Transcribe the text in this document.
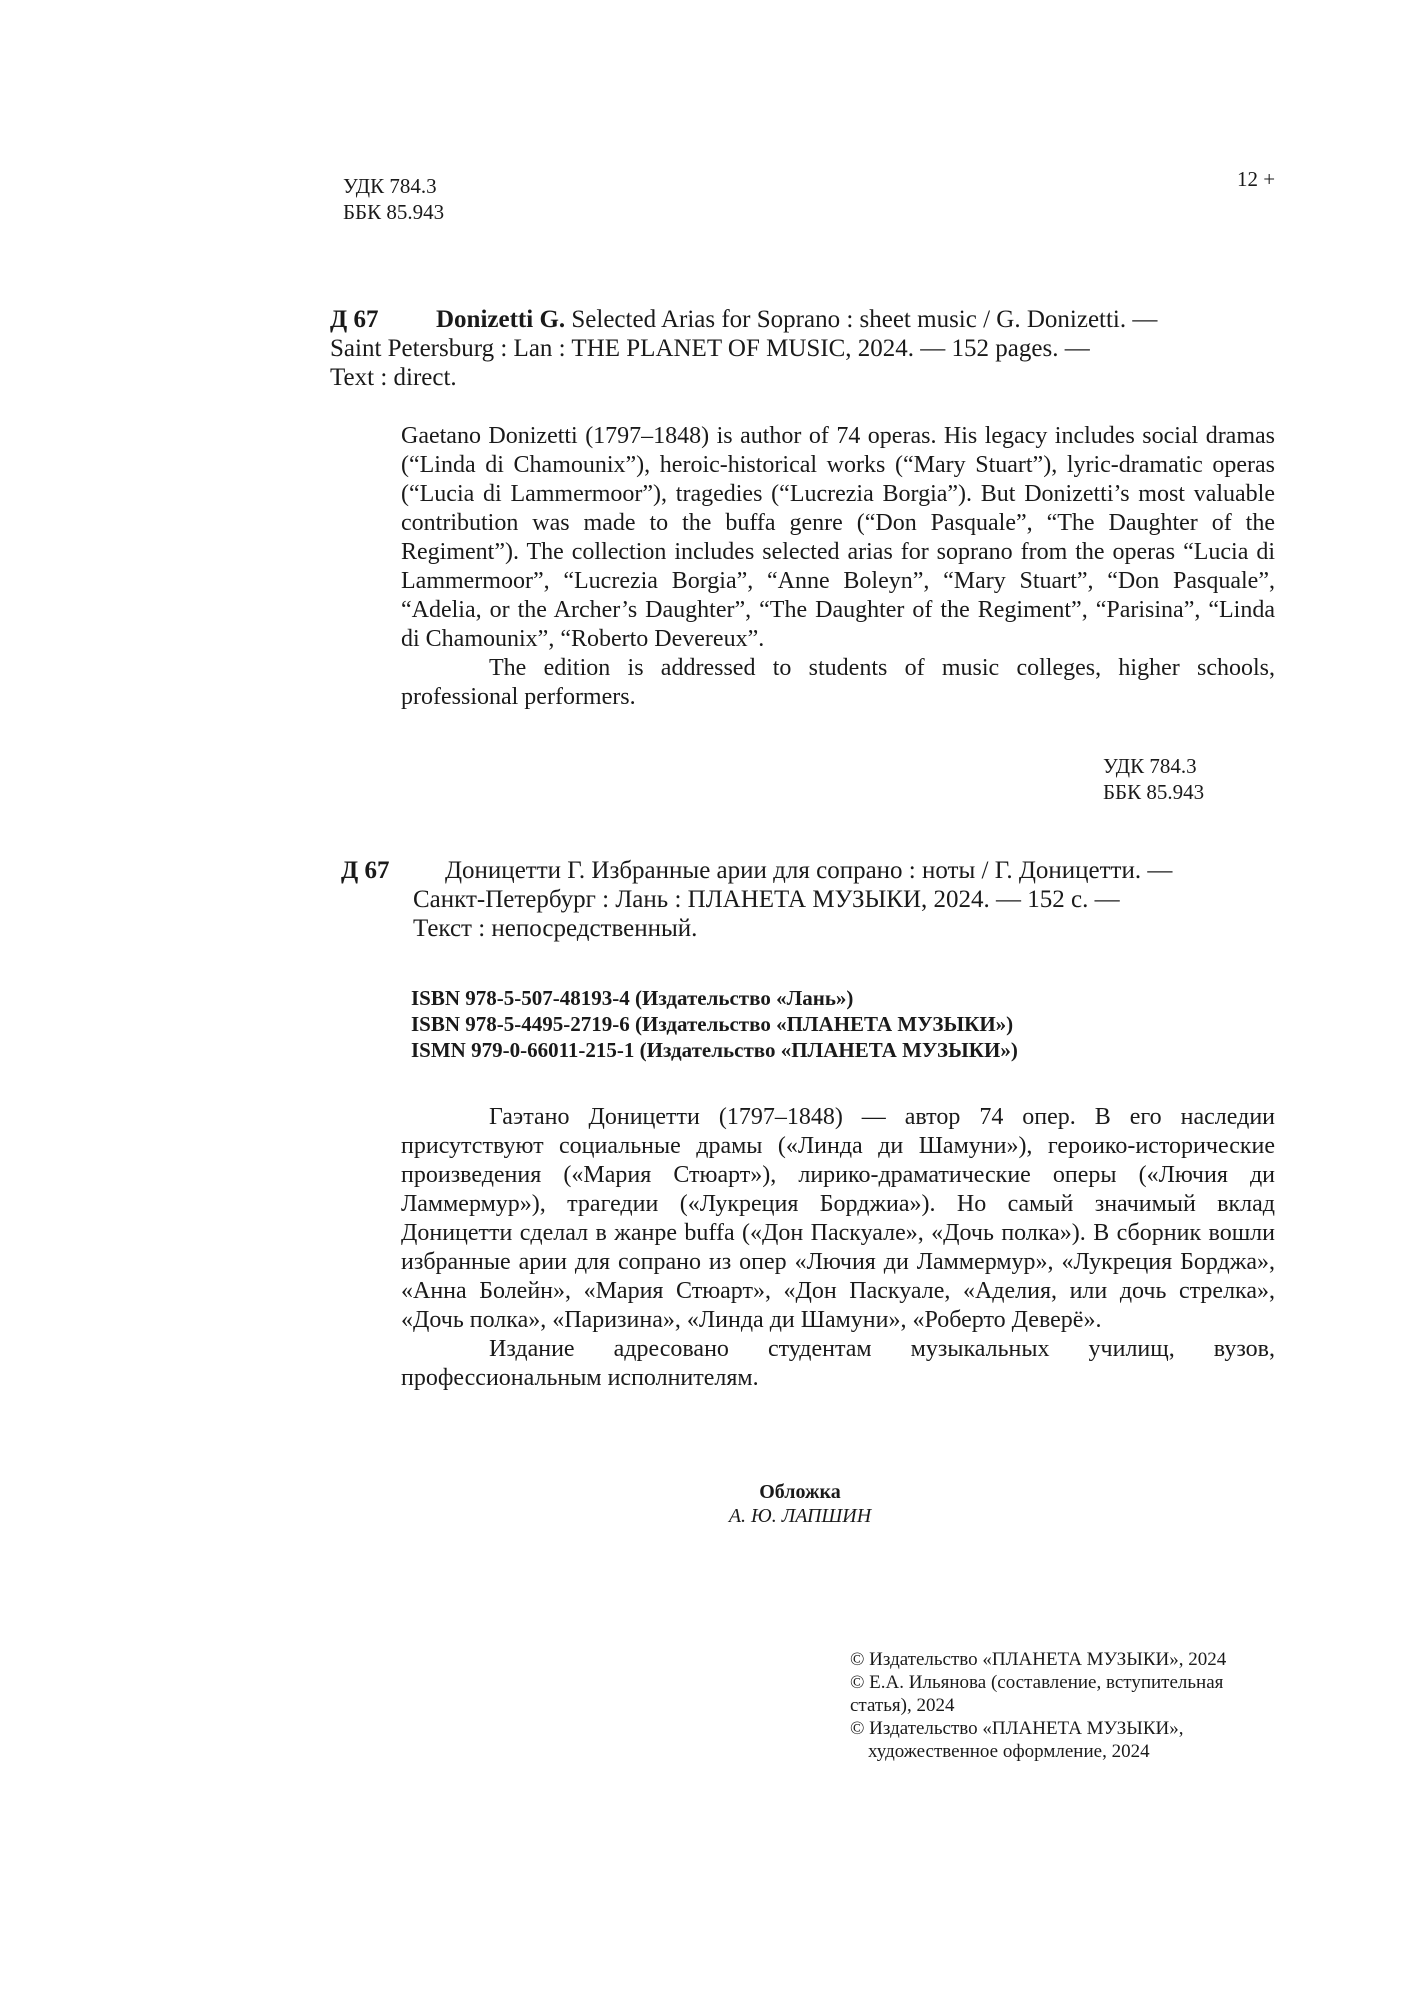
УДК 784.3
ББК 85.943
12 +
Д 67 Donizetti G. Selected Arias for Soprano : sheet music / G. Donizetti. —
Saint Petersburg : Lan : THE PLANET OF MUSIC, 2024. — 152 pages. —
Text : direct.
Gaetano Donizetti (1797–1848) is author of 74 operas. His legacy includes social dramas (“Linda di Chamounix”), heroic-historical works (“Mary Stuart”), lyric-dramatic operas (“Lucia di Lammermoor”), tragedies (“Lucrezia Borgia”). But Donizetti’s most valuable contribution was made to the buffa genre (“Don Pasquale”, “The Daughter of the Regiment”). The collection includes selected arias for soprano from the operas “Lucia di Lammermoor”, “Lucrezia Borgia”, “Anne Boleyn”, “Mary Stuart”, “Don Pasquale”, “Adelia, or the Archer’s Daughter”, “The Daughter of the Regiment”, “Parisina”, “Linda di Chamounix”, “Roberto Devereux”.
The edition is addressed to students of music colleges, higher schools, professional performers.
УДК 784.3
ББК 85.943
Д 67 Доницетти Г. Избранные арии для сопрано : ноты / Г. Доницетти. —
Санкт-Петербург : Лань : ПЛАНЕТА МУЗЫКИ, 2024. — 152 с. —
Текст : непосредственный.
ISBN 978-5-507-48193-4 (Издательство «Лань»)
ISBN 978-5-4495-2719-6 (Издательство «ПЛАНЕТА МУЗЫКИ»)
ISMN 979-0-66011-215-1 (Издательство «ПЛАНЕТА МУЗЫКИ»)
Гаэтано Доницетти (1797–1848) — автор 74 опер. В его наследии присутствуют социальные драмы («Линда ди Шамуни»), героико-исторические произведения («Мария Стюарт»), лирико-драматические оперы («Лючия ди Ламмермур»), трагедии («Лукреция Борджиа»). Но самый значимый вклад Доницетти сделал в жанре buffa («Дон Паскуале», «Дочь полка»). В сборник вошли избранные арии для сопрано из опер «Лючия ди Ламмермур», «Лукреция Борджа», «Анна Болейн», «Мария Стюарт», «Дон Паскуале, «Аделия, или дочь стрелка», «Дочь полка», «Паризина», «Линда ди Шамуни», «Роберто Деверё».
Издание адресовано студентам музыкальных училищ, вузов, профессиональным исполнителям.
Обложка
А. Ю. ЛАПШИН
© Издательство «ПЛАНЕТА МУЗЫКИ», 2024
© Е.А. Ильянова (составление, вступительная
статья), 2024
© Издательство «ПЛАНЕТА МУЗЫКИ»,
художественное оформление, 2024
